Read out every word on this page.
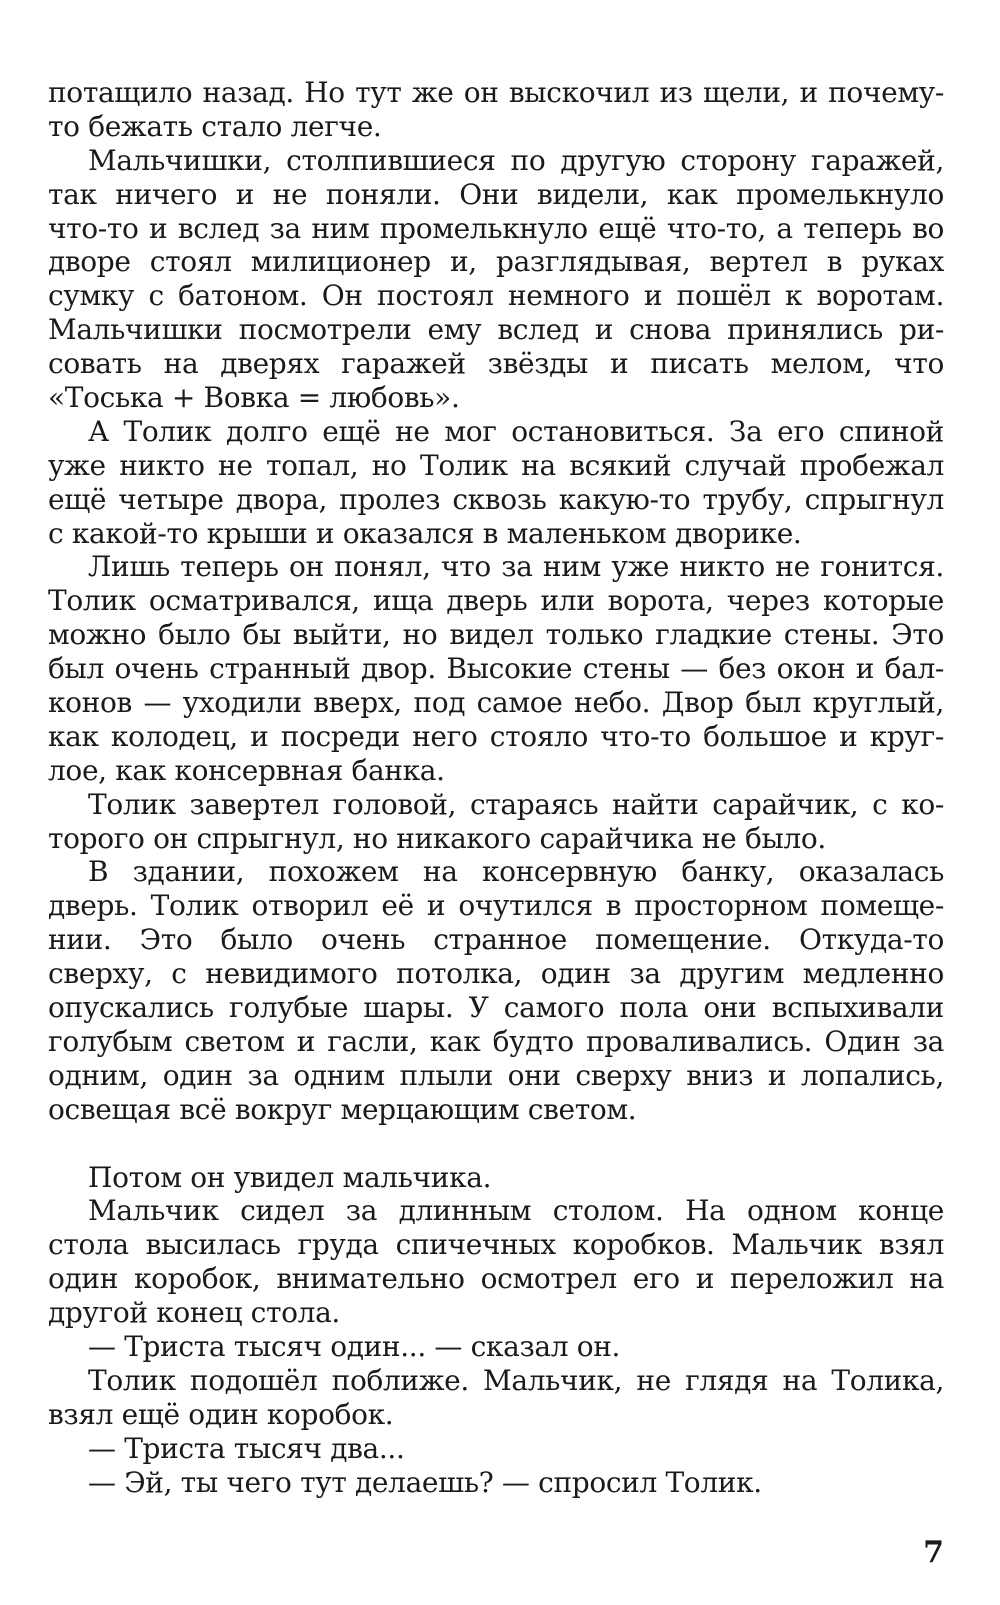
потащило назад. Но тут же он выскочил из щели, и почему-
то бежать стало легче.
Мальчишки, столпившиеся по другую сторону гаражей,
так ничего и не поняли. Они видели, как промелькнуло
что-то и вслед за ним промелькнуло ещё что-то, а теперь во
дворе стоял милиционер и, разглядывая, вертел в руках
сумку с батоном. Он постоял немного и пошёл к воротам.
Мальчишки посмотрели ему вслед и снова принялись ри-
совать на дверях гаражей звёзды и писать мелом, что
«Тоська + Вовка = любовь».
А Толик долго ещё не мог остановиться. За его спиной
уже никто не топал, но Толик на всякий случай пробежал
ещё четыре двора, пролез сквозь какую-то трубу, спрыгнул
с какой-то крыши и оказался в маленьком дворике.
Лишь теперь он понял, что за ним уже никто не гонится.
Толик осматривался, ища дверь или ворота, через которые
можно было бы выйти, но видел только гладкие стены. Это
был очень странный двор. Высокие стены — без окон и бал-
конов — уходили вверх, под самое небо. Двор был круглый,
как колодец, и посреди него стояло что-то большое и круг-
лое, как консервная банка.
Толик завертел головой, стараясь найти сарайчик, с ко-
торого он спрыгнул, но никакого сарайчика не было.
В здании, похожем на консервную банку, оказалась
дверь. Толик отворил её и очутился в просторном помеще-
нии. Это было очень странное помещение. Откуда-то
сверху, с невидимого потолка, один за другим медленно
опускались голубые шары. У самого пола они вспыхивали
голубым светом и гасли, как будто проваливались. Один за
одним, один за одним плыли они сверху вниз и лопались,
освещая всё вокруг мерцающим светом.
Потом он увидел мальчика.
Мальчик сидел за длинным столом. На одном конце
стола высилась груда спичечных коробков. Мальчик взял
один коробок, внимательно осмотрел его и переложил на
другой конец стола.
— Триста тысяч один... — сказал он.
Толик подошёл поближе. Мальчик, не глядя на Толика,
взял ещё один коробок.
— Триста тысяч два...
— Эй, ты чего тут делаешь? — спросил Толик.
7
